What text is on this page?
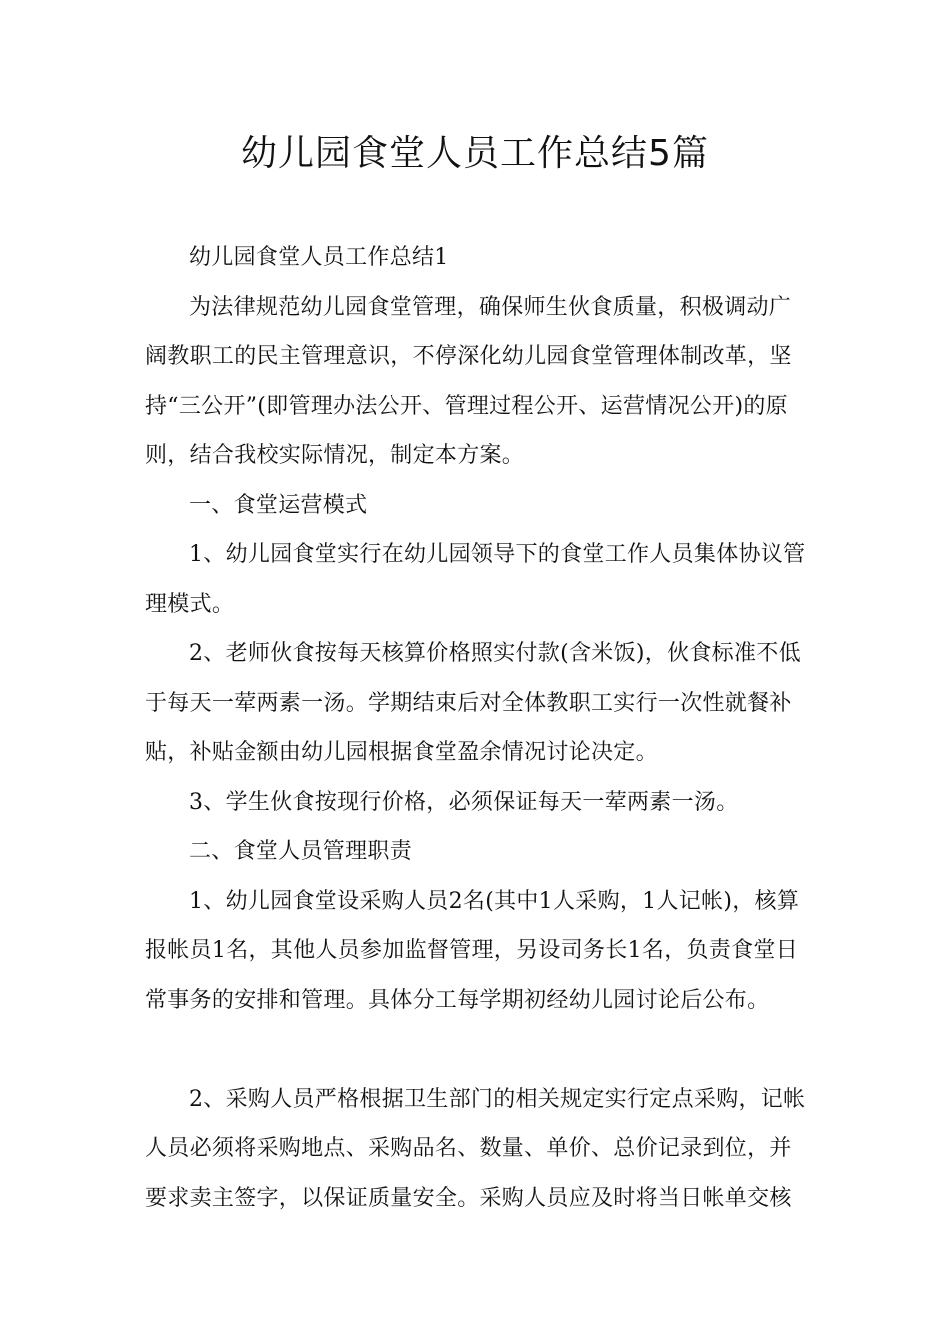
幼儿园食堂人员工作总结5篇

幼儿园食堂人员工作总结1

为法律规范幼儿园食堂管理，确保师生伙食质量，积极调动广阔教职工的民主管理意识，不停深化幼儿园食堂管理体制改革，坚持“三公开”(即管理办法公开、管理过程公开、运营情况公开)的原则，结合我校实际情况，制定本方案。

一、食堂运营模式

1、幼儿园食堂实行在幼儿园领导下的食堂工作人员集体协议管理模式。

2、老师伙食按每天核算价格照实付款(含米饭)，伙食标准不低于每天一荤两素一汤。学期结束后对全体教职工实行一次性就餐补贴，补贴金额由幼儿园根据食堂盈余情况讨论决定。

3、学生伙食按现行价格，必须保证每天一荤两素一汤。

二、食堂人员管理职责

1、幼儿园食堂设采购人员2名(其中1人采购，1人记帐)，核算报帐员1名，其他人员参加监督管理，另设司务长1名，负责食堂日常事务的安排和管理。具体分工每学期初经幼儿园讨论后公布。

2、采购人员严格根据卫生部门的相关规定实行定点采购，记帐人员必须将采购地点、采购品名、数量、单价、总价记录到位，并要求卖主签字，以保证质量安全。采购人员应及时将当日帐单交核
